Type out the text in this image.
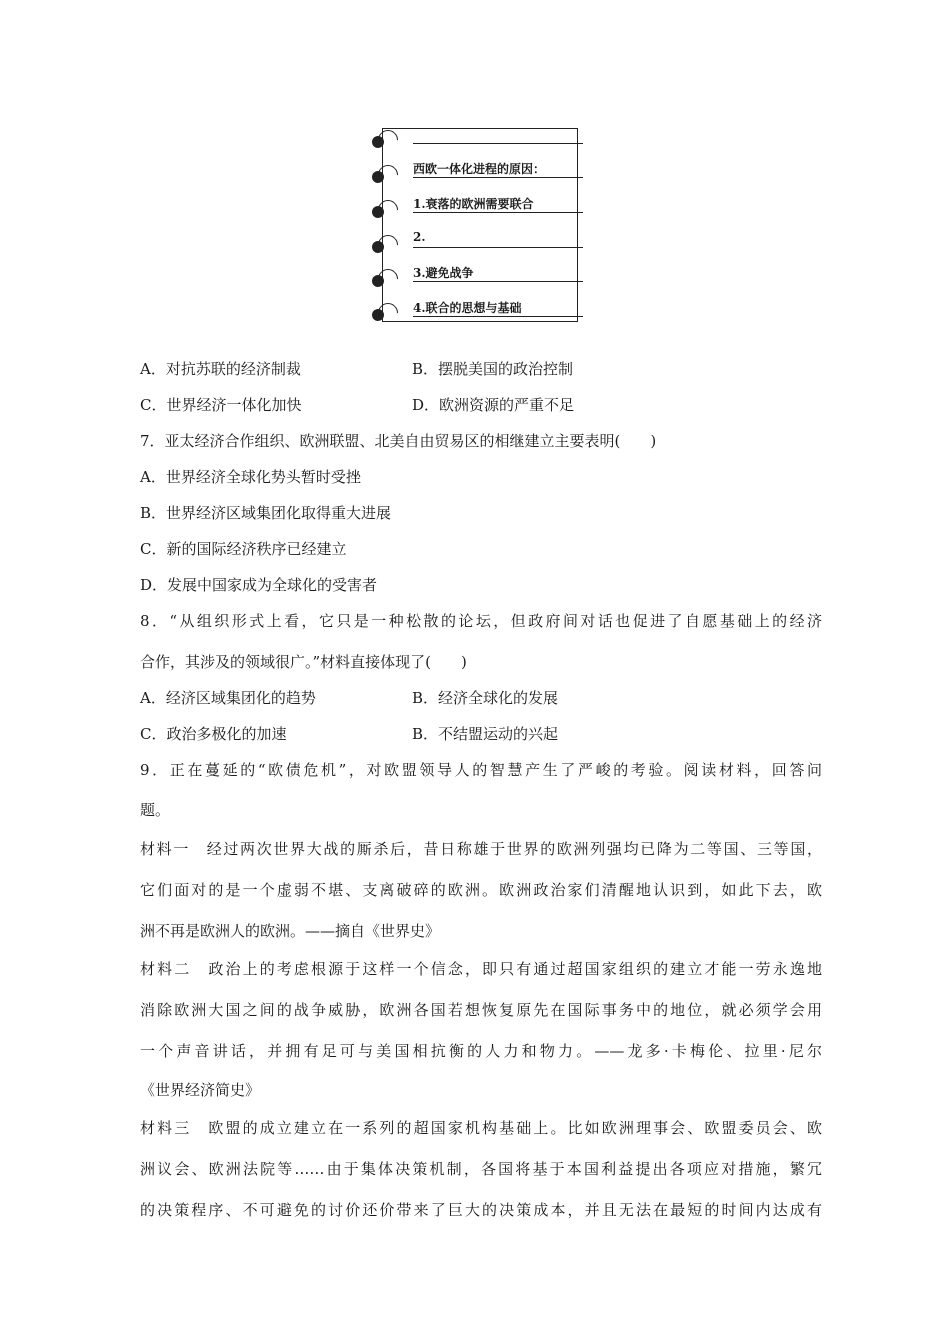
西欧一体化进程的原因：
1.衰落的欧洲需要联合
2.
3.避免战争
4.联合的思想与基础
A．对抗苏联的经济制裁	B．摆脱美国的政治控制
C．世界经济一体化加快	D．欧洲资源的严重不足
7．亚太经济合作组织、欧洲联盟、北美自由贸易区的相继建立主要表明(　　)
A．世界经济全球化势头暂时受挫
B．世界经济区域集团化取得重大进展
C．新的国际经济秩序已经建立
D．发展中国家成为全球化的受害者
8．“从组织形式上看，它只是一种松散的论坛，但政府间对话也促进了自愿基础上的经济
合作，其涉及的领域很广。”材料直接体现了(　　)
A．经济区域集团化的趋势	B．经济全球化的发展
C．政治多极化的加速	B．不结盟运动的兴起
9．正在蔓延的“欧债危机”，对欧盟领导人的智慧产生了严峻的考验。阅读材料，回答问
题。
材料一　经过两次世界大战的厮杀后，昔日称雄于世界的欧洲列强均已降为二等国、三等国，
它们面对的是一个虚弱不堪、支离破碎的欧洲。欧洲政治家们清醒地认识到，如此下去，欧
洲不再是欧洲人的欧洲。——摘自《世界史》
材料二　政治上的考虑根源于这样一个信念，即只有通过超国家组织的建立才能一劳永逸地
消除欧洲大国之间的战争威胁，欧洲各国若想恢复原先在国际事务中的地位，就必须学会用
一个声音讲话，并拥有足可与美国相抗衡的人力和物力。——龙多·卡梅伦、拉里·尼尔
《世界经济简史》
材料三　欧盟的成立建立在一系列的超国家机构基础上。比如欧洲理事会、欧盟委员会、欧
洲议会、欧洲法院等……由于集体决策机制，各国将基于本国利益提出各项应对措施，繁冗
的决策程序、不可避免的讨价还价带来了巨大的决策成本，并且无法在最短的时间内达成有
